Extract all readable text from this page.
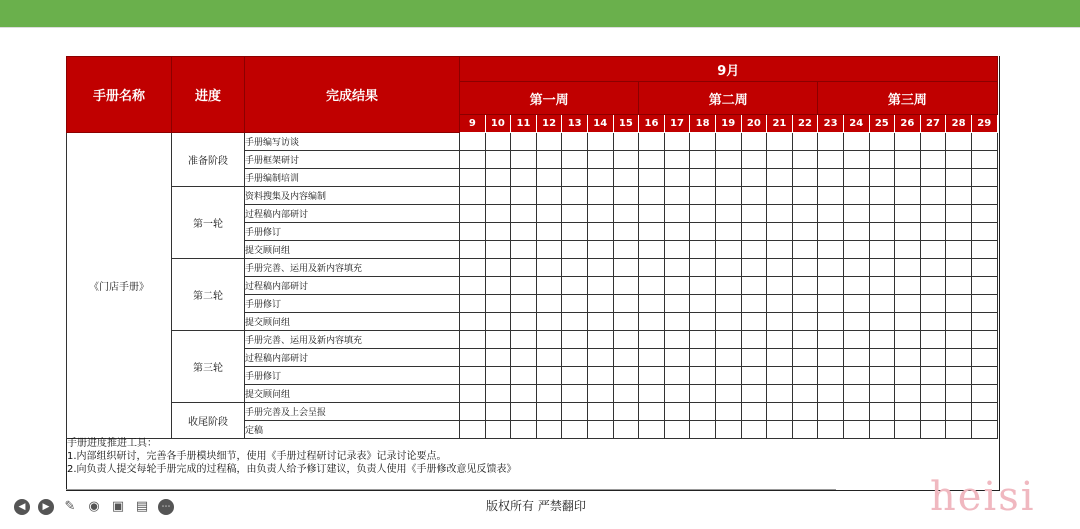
手册名称	进度	完成结果	9月																				
			第一周							第二周							第三周						
			9	10	11	12	13	14	15	16	17	18	19	20	21	22	23	24	25	26	27	28	29
《门店手册》	准备阶段	手册编写访谈																					
		手册框架研讨																					
		手册编制培训																					
	第一轮	资料搜集及内容编制																					
		过程稿内部研讨																					
		手册修订																					
		提交顾问组																					
	第二轮	手册完善、运用及新内容填充																					
		过程稿内部研讨																					
		手册修订																					
		提交顾问组																					
	第三轮	手册完善、运用及新内容填充																					
		过程稿内部研讨																					
		手册修订																					
		提交顾问组																					
	收尾阶段	手册完善及上会呈报																					
		定稿																					
手册进度推进工具：
1.内部组织研讨，完善各手册模块细节，使用《手册过程研讨记录表》记录讨论要点。
2.向负责人提交每轮手册完成的过程稿，由负责人给予修订建议，负责人使用《手册修改意见反馈表》
◀	▶	✎ ◉ ▣ ▤	⋯	版权所有 严禁翻印	heisi
